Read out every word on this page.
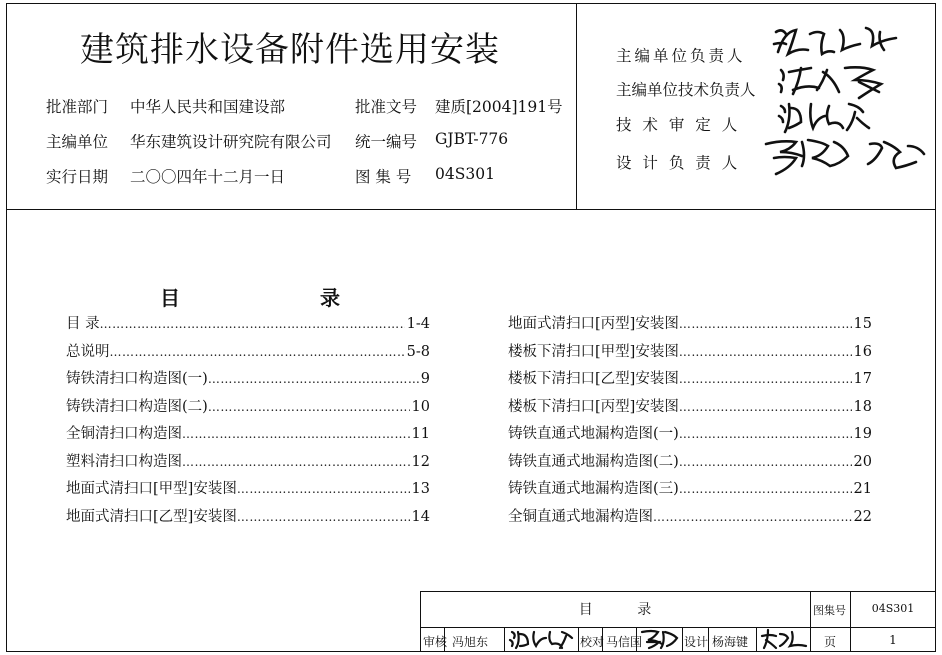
建筑排水设备附件选用安装
批准部门 中华人民共和国建设部	批准文号 建质[2004]191号
主编单位 华东建筑设计研究院有限公司 统一编号 GJBT-776
实行日期 二〇〇四年十二月一日	图 集 号 04S301
主编单位负责人
主编单位技术负责人
技 术 审 定 人
设 计 负 责 人
目	录
目 录 …………………………………………………………………………………………………………………	1-4
总说明 …………………………………………………………………………………………………………………	5-8
铸铁清扫口构造图(一) …………………………………………………………………………………………………………………	9
铸铁清扫口构造图(二) …………………………………………………………………………………………………………………	10
全铜清扫口构造图 …………………………………………………………………………………………………………………	11
塑料清扫口构造图 …………………………………………………………………………………………………………………	12
地面式清扫口[甲型]安装图 …………………………………………………………………………………………………………………	13
地面式清扫口[乙型]安装图 …………………………………………………………………………………………………………………	14
地面式清扫口[丙型]安装图 …………………………………………………………………………………………………………………	15
楼板下清扫口[甲型]安装图 …………………………………………………………………………………………………………………	16
楼板下清扫口[乙型]安装图 …………………………………………………………………………………………………………………	17
楼板下清扫口[丙型]安装图 …………………………………………………………………………………………………………………	18
铸铁直通式地漏构造图(一) …………………………………………………………………………………………………………………	19
铸铁直通式地漏构造图(二) …………………………………………………………………………………………………………………	20
铸铁直通式地漏构造图(三) …………………………………………………………………………………………………………………	21
全铜直通式地漏构造图 …………………………………………………………………………………………………………………	22
目          录	图集号	04S301
审核 冯旭东	校对 马信国	设计 杨海键	页	1
